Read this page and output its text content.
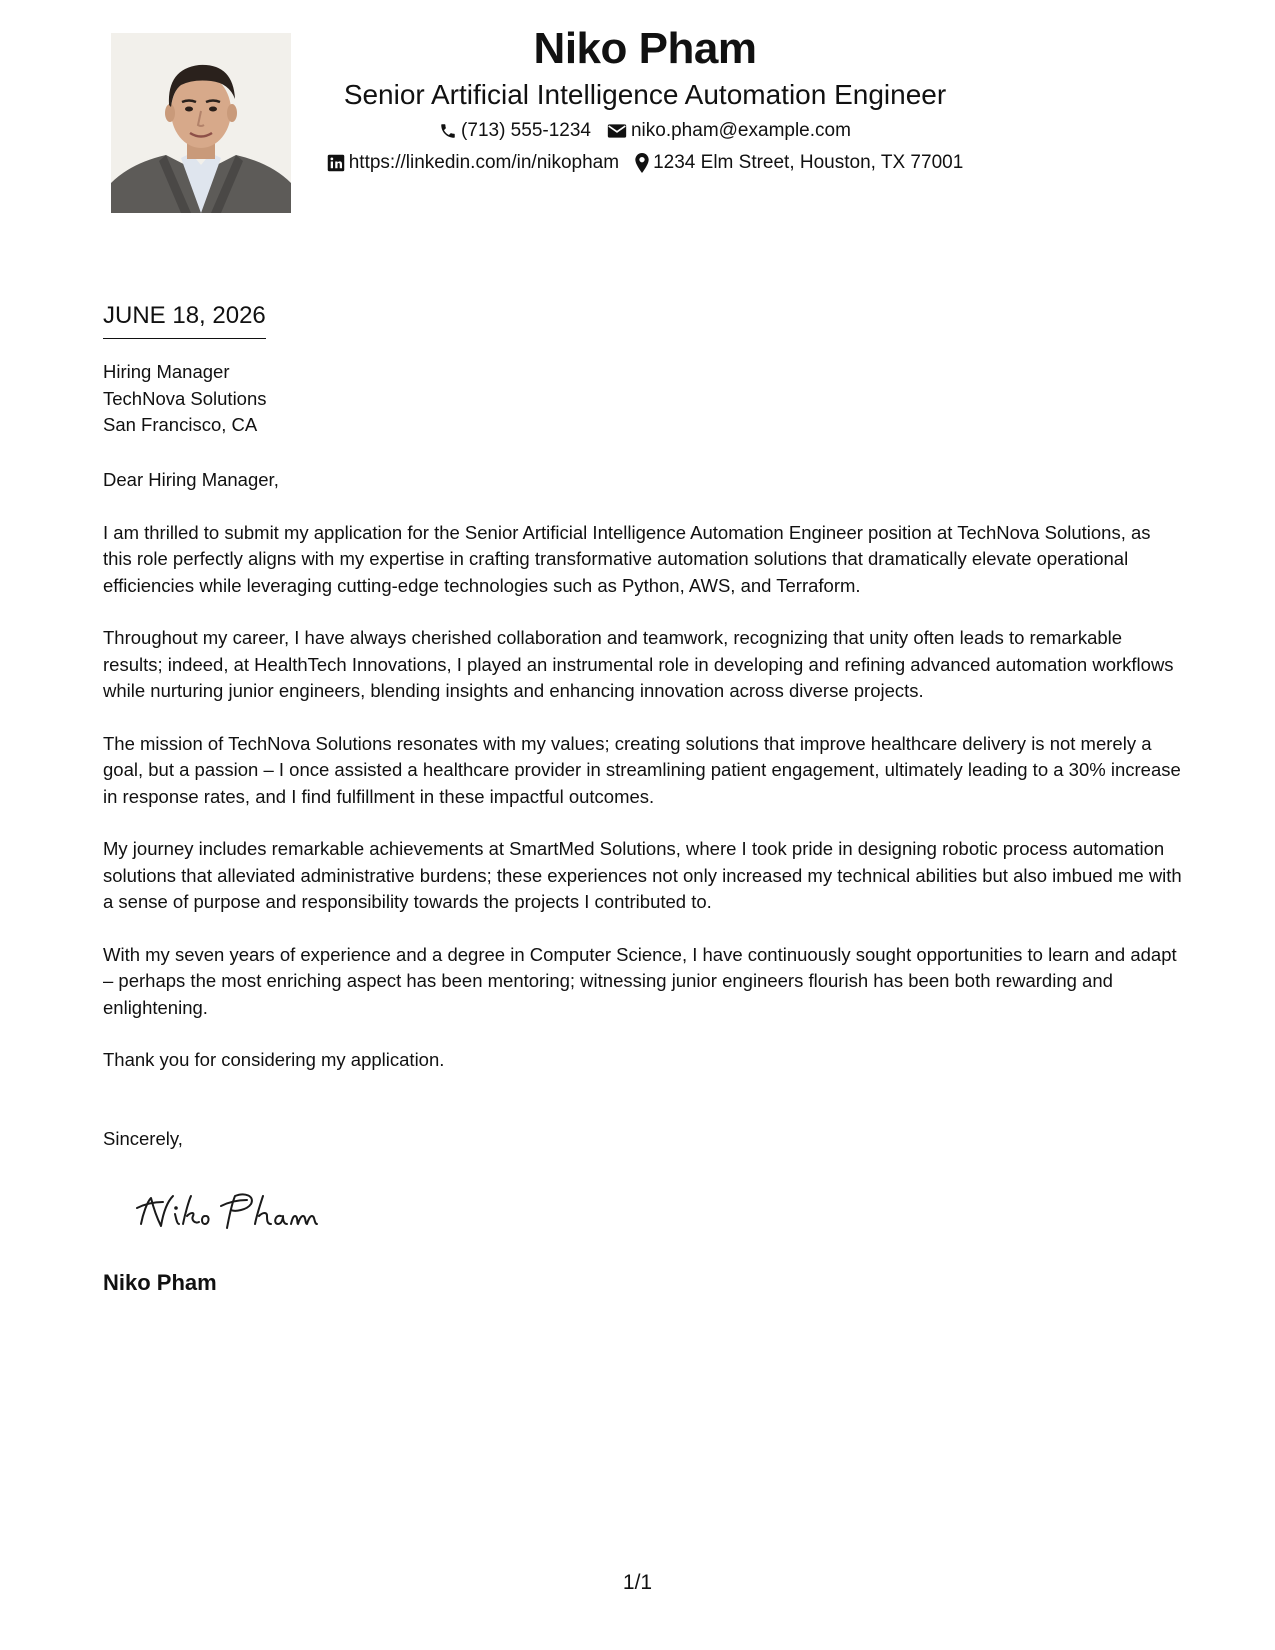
Niko Pham
Senior Artificial Intelligence Automation Engineer
(713) 555-1234 niko.pham@example.com
https://linkedin.com/in/nikopham 1234 Elm Street, Houston, TX 77001
JUNE 18, 2026
Hiring Manager
TechNova Solutions
San Francisco, CA

Dear Hiring Manager,

I am thrilled to submit my application for the Senior Artificial Intelligence Automation Engineer position at TechNova Solutions, as this role perfectly aligns with my expertise in crafting transformative automation solutions that dramatically elevate operational efficiencies while leveraging cutting-edge technologies such as Python, AWS, and Terraform.

Throughout my career, I have always cherished collaboration and teamwork, recognizing that unity often leads to remarkable results; indeed, at HealthTech Innovations, I played an instrumental role in developing and refining advanced automation workflows while nurturing junior engineers, blending insights and enhancing innovation across diverse projects.

The mission of TechNova Solutions resonates with my values; creating solutions that improve healthcare delivery is not merely a goal, but a passion – I once assisted a healthcare provider in streamlining patient engagement, ultimately leading to a 30% increase in response rates, and I find fulfillment in these impactful outcomes.

My journey includes remarkable achievements at SmartMed Solutions, where I took pride in designing robotic process automation solutions that alleviated administrative burdens; these experiences not only increased my technical abilities but also imbued me with a sense of purpose and responsibility towards the projects I contributed to.

With my seven years of experience and a degree in Computer Science, I have continuously sought opportunities to learn and adapt – perhaps the most enriching aspect has been mentoring; witnessing junior engineers flourish has been both rewarding and enlightening.

Thank you for considering my application.

Sincerely,
Niko Pham
1/1
